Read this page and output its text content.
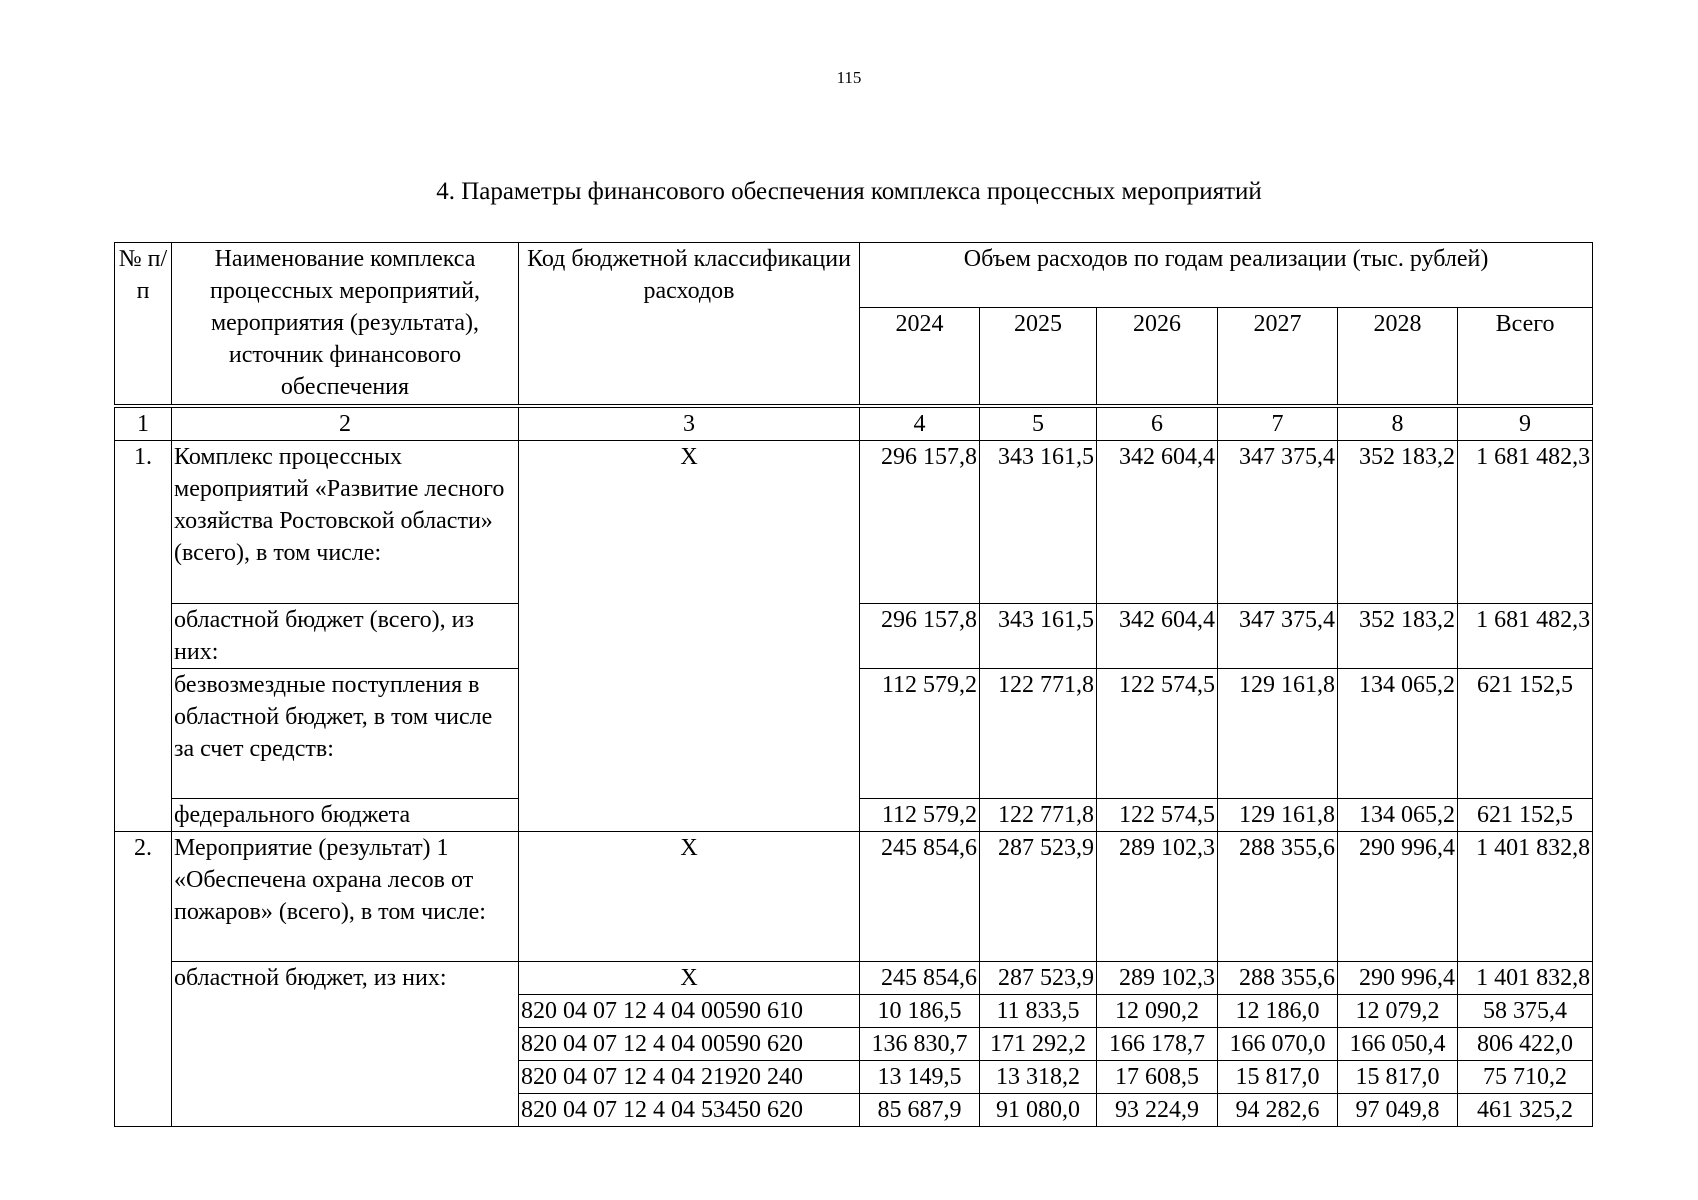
115
4. Параметры финансового обеспечения комплекса процессных мероприятий
№ п/п	Наименование комплекса процессных мероприятий, мероприятия (результата), источник финансового обеспечения	Код бюджетной классификации расходов	Объем расходов по годам реализации (тыс. рублей)					
			2024	2025	2026	2027	2028	Всего
1	2	3	4	5	6	7	8	9
1.	Комплекс процессных мероприятий «Развитие лесного хозяйства Ростовской области» (всего), в том числе:	Х	296 157,8	343 161,5	342 604,4	347 375,4	352 183,2	1 681 482,3
	областной бюджет (всего), из них:		296 157,8	343 161,5	342 604,4	347 375,4	352 183,2	1 681 482,3
	безвозмездные поступления в областной бюджет, в том числе за счет средств:		112 579,2	122 771,8	122 574,5	129 161,8	134 065,2	621 152,5
	федерального бюджета		112 579,2	122 771,8	122 574,5	129 161,8	134 065,2	621 152,5
2.	Мероприятие (результат) 1 «Обеспечена охрана лесов от пожаров» (всего), в том числе:	Х	245 854,6	287 523,9	289 102,3	288 355,6	290 996,4	1 401 832,8
	областной бюджет, из них:	Х	245 854,6	287 523,9	289 102,3	288 355,6	290 996,4	1 401 832,8
		820 04 07 12 4 04 00590 610	10 186,5	11 833,5	12 090,2	12 186,0	12 079,2	58 375,4
		820 04 07 12 4 04 00590 620	136 830,7	171 292,2	166 178,7	166 070,0	166 050,4	806 422,0
		820 04 07 12 4 04 21920 240	13 149,5	13 318,2	17 608,5	15 817,0	15 817,0	75 710,2
		820 04 07 12 4 04 53450 620	85 687,9	91 080,0	93 224,9	94 282,6	97 049,8	461 325,2
